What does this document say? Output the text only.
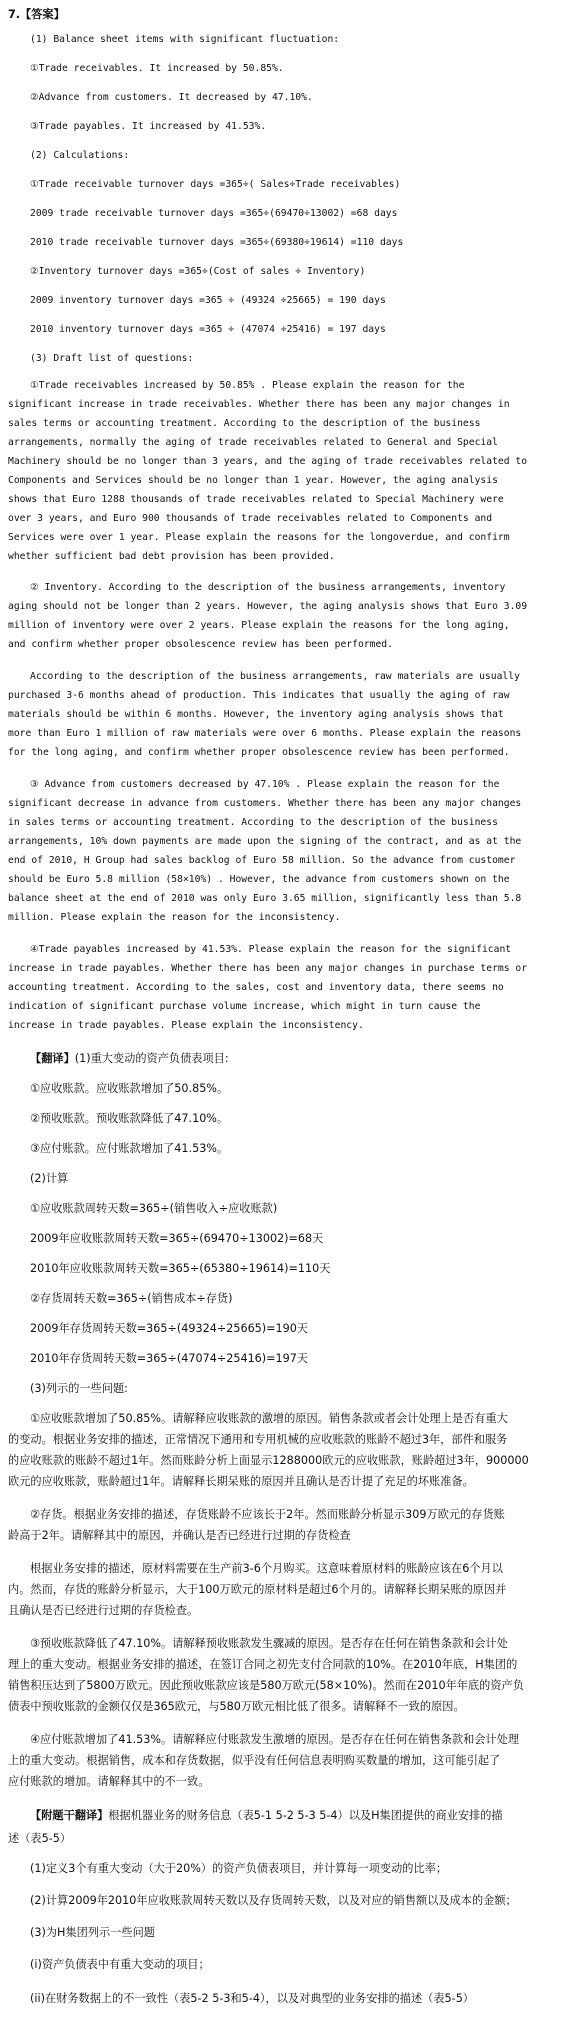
7.【答案】
(1) Balance sheet items with significant fluctuation:
①Trade receivables. It increased by 50.85%.
②Advance from customers. It decreased by 47.10%.
③Trade payables. It increased by 41.53%.
(2) Calculations:
①Trade receivable turnover days =365÷( Sales÷Trade receivables)
2009 trade receivable turnover days =365÷(69470÷13002) =68 days
2010 trade receivable turnover days =365÷(69380÷19614) =110 days
②Inventory turnover days =365÷(Cost of sales ÷ Inventory)
2009 inventory turnover days =365 ÷ (49324 ÷25665) = 190 days
2010 inventory turnover days =365 ÷ (47074 ÷25416) = 197 days
(3) Draft list of questions:
①Trade receivables increased by 50.85% . Please explain the reason for the
significant increase in trade receivables. Whether there has been any major changes in
sales terms or accounting treatment. According to the description of the business
arrangements, normally the aging of trade receivables related to General and Special
Machinery should be no longer than 3 years, and the aging of trade receivables related to
Components and Services should be no longer than 1 year. However, the aging analysis
shows that Euro 1288 thousands of trade receivables related to Special Machinery were
over 3 years, and Euro 900 thousands of trade receivables related to Components and
Services were over 1 year. Please explain the reasons for the longoverdue, and confirm
whether sufficient bad debt provision has been provided.
② Inventory. According to the description of the business arrangements, inventory
aging should not be longer than 2 years. However, the aging analysis shows that Euro 3.09
million of inventory were over 2 years. Please explain the reasons for the long aging,
and confirm whether proper obsolescence review has been performed.
According to the description of the business arrangements, raw materials are usually
purchased 3-6 months ahead of production. This indicates that usually the aging of raw
materials should be within 6 months. However, the inventory aging analysis shows that
more than Euro 1 million of raw materials were over 6 months. Please explain the reasons
for the long aging, and confirm whether proper obsolescence review has been performed.
③ Advance from customers decreased by 47.10% . Please explain the reason for the
significant decrease in advance from customers. Whether there has been any major changes
in sales terms or accounting treatment. According to the description of the business
arrangements, 10% down payments are made upon the signing of the contract, and as at the
end of 2010, H Group had sales backlog of Euro 58 million. So the advance from customer
should be Euro 5.8 million (58×10%) . However, the advance from customers shown on the
balance sheet at the end of 2010 was only Euro 3.65 million, significantly less than 5.8
million. Please explain the reason for the inconsistency.
④Trade payables increased by 41.53%. Please explain the reason for the significant
increase in trade payables. Whether there has been any major changes in purchase terms or
accounting treatment. According to the sales, cost and inventory data, there seems no
indication of significant purchase volume increase, which might in turn cause the
increase in trade payables. Please explain the inconsistency.
【翻译】(1)重大变动的资产负债表项目:
①应收账款。应收账款增加了50.85%。
②预收账款。预收账款降低了47.10%。
③应付账款。应付账款增加了41.53%。
(2)计算
①应收账款周转天数=365÷(销售收入÷应收账款)
2009年应收账款周转天数=365÷(69470÷13002)=68天
2010年应收账款周转天数=365÷(65380÷19614)=110天
②存货周转天数=365÷(销售成本÷存货)
2009年存货周转天数=365÷(49324÷25665)=190天
2010年存货周转天数=365÷(47074÷25416)=197天
(3)列示的一些问题:
①应收账款增加了50.85%。请解释应收账款的激增的原因。销售条款或者会计处理上是否有重大
的变动。根据业务安排的描述，正常情况下通用和专用机械的应收账款的账龄不超过3年，部件和服务
的应收账款的账龄不超过1年。然而账龄分析上面显示1288000欧元的应收账款，账龄超过3年，900000
欧元的应收账款，账龄超过1年。请解释长期呆账的原因并且确认是否计提了充足的坏账准备。
②存货。根据业务安排的描述，存货账龄不应该长于2年。然而账龄分析显示309万欧元的存货账
龄高于2年。请解释其中的原因，并确认是否已经进行过期的存货检查
根据业务安排的描述，原材料需要在生产前3-6个月购买。这意味着原材料的账龄应该在6个月以
内。然而，存货的账龄分析显示，大于100万欧元的原材料是超过6个月的。请解释长期呆账的原因并
且确认是否已经进行过期的存货检查。
③预收账款降低了47.10%。请解释预收账款发生骤减的原因。是否存在任何在销售条款和会计处
理上的重大变动。根据业务安排的描述，在签订合同之初先支付合同款的10%。在2010年底，H集团的
销售积压达到了5800万欧元。因此预收账款应该是580万欧元(58×10%)。然而在2010年年底的资产负
债表中预收账款的金额仅仅是365欧元，与580万欧元相比低了很多。请解释不一致的原因。
④应付账款增加了41.53%。请解释应付账款发生激增的原因。是否存在任何在销售条款和会计处理
上的重大变动。根据销售，成本和存货数据，似乎没有任何信息表明购买数量的增加，这可能引起了
应付账款的增加。请解释其中的不一致。
【附题干翻译】根据机器业务的财务信息（表5-1 5-2 5-3 5-4）以及H集团提供的商业安排的描
述（表5-5）
(1)定义3个有重大变动（大于20%）的资产负债表项目，并计算每一项变动的比率；
(2)计算2009年2010年应收账款周转天数以及存货周转天数，以及对应的销售额以及成本的金额；
(3)为H集团列示一些问题
(i)资产负债表中有重大变动的项目；
(ii)在财务数据上的不一致性（表5-2 5-3和5-4），以及对典型的业务安排的描述（表5-5）
